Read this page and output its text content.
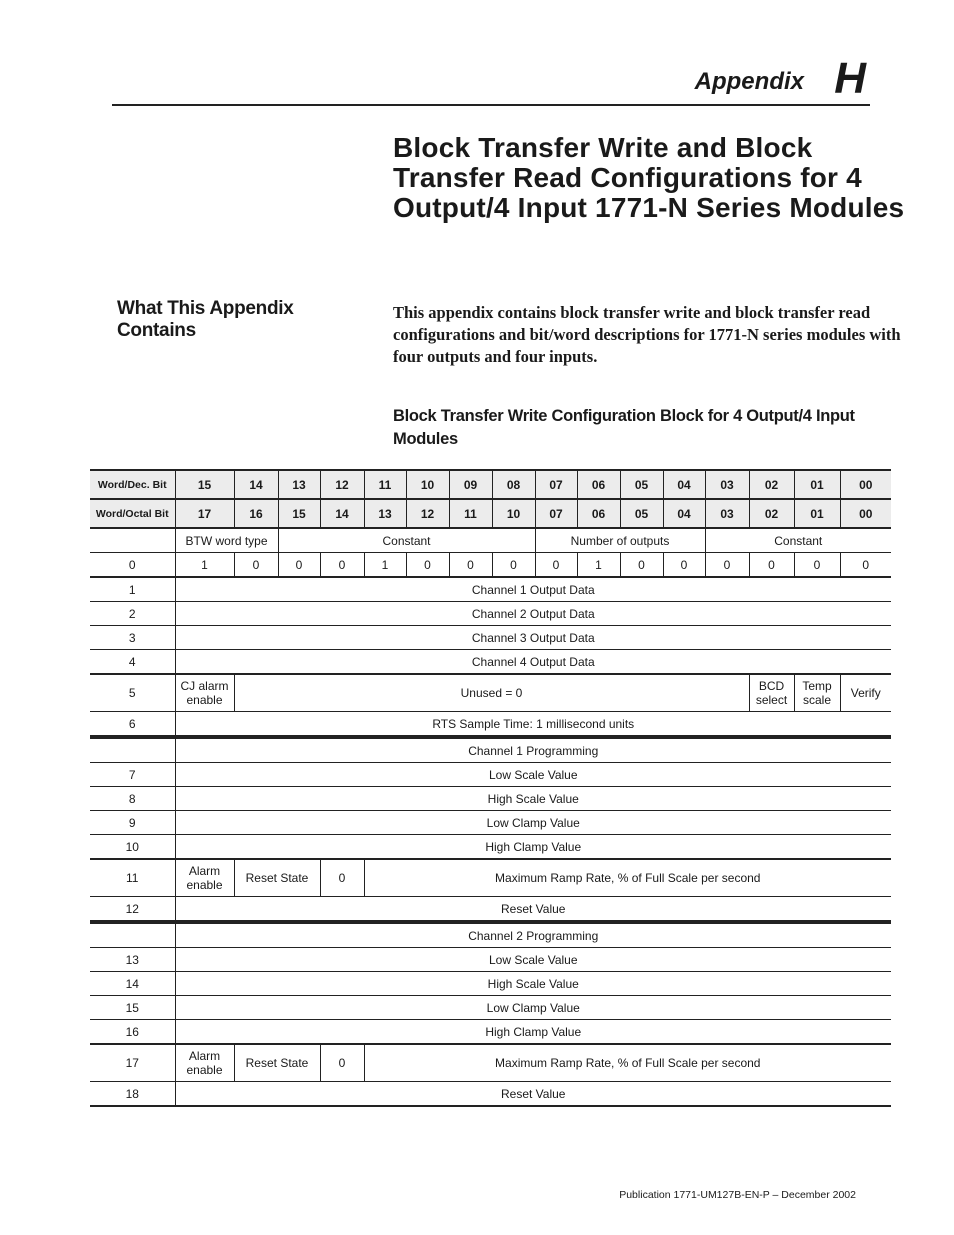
Appendix H
Block Transfer Write and Block Transfer Read Configurations for 4 Output/4 Input 1771-N Series Modules
What This Appendix Contains
This appendix contains block transfer write and block transfer read configurations and bit/word descriptions for 1771-N series modules with four outputs and four inputs.
Block Transfer Write Configuration Block for 4 Output/4 Input Modules
Word/Dec. Bit	15	14	13	12	11	10	09	08	07	06	05	04	03	02	01	00
Word/Octal Bit	17	16	15	14	13	12	11	10	07	06	05	04	03	02	01	00
	BTW word type		Constant						Number of outputs				Constant			
0	1	0	0	0	1	0	0	0	0	1	0	0	0	0	0	0
1	Channel 1 Output Data															
2	Channel 2 Output Data															
3	Channel 3 Output Data															
4	Channel 4 Output Data															
5	CJ alarm enable	Unused = 0												BCD select	Temp scale	Verify
6	RTS Sample Time: 1 millisecond units															
	Channel 1 Programming															
7	Low Scale Value															
8	High Scale Value															
9	Low Clamp Value															
10	High Clamp Value															
11	Alarm enable	Reset State		0	Maximum Ramp Rate, % of Full Scale per second											
12	Reset Value															
	Channel 2 Programming															
13	Low Scale Value															
14	High Scale Value															
15	Low Clamp Value															
16	High Clamp Value															
17	Alarm enable	Reset State		0	Maximum Ramp Rate, % of Full Scale per second											
18	Reset Value															
Publication 1771-UM127B-EN-P – December 2002
